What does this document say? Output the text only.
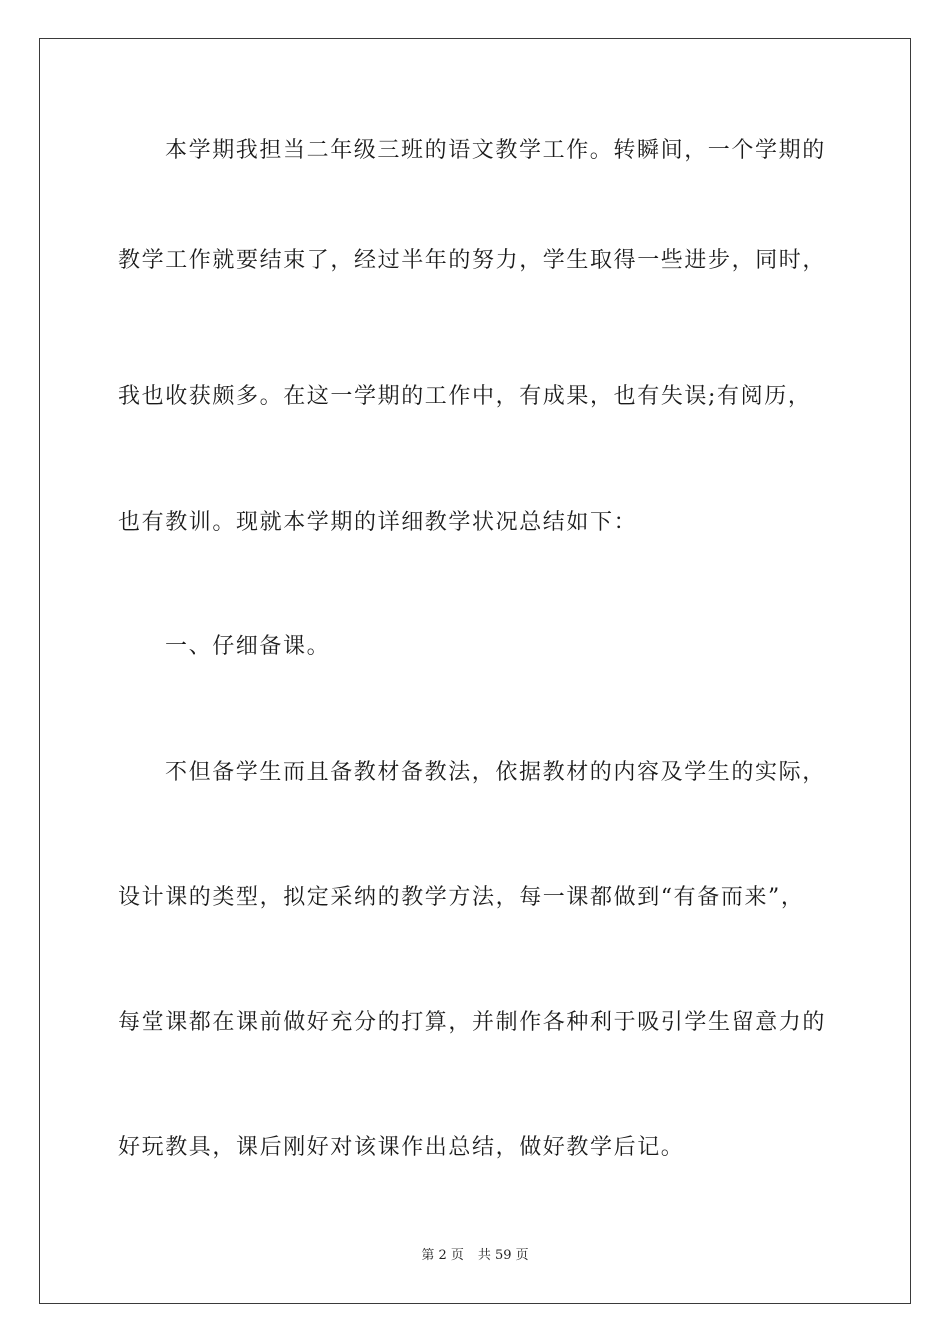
本学期我担当二年级三班的语文教学工作。转瞬间，一个学期的
教学工作就要结束了，经过半年的努力，学生取得一些进步，同时，
我也收获颇多。在这一学期的工作中，有成果，也有失误;有阅历，
也有教训。现就本学期的详细教学状况总结如下：
一、仔细备课。
不但备学生而且备教材备教法，依据教材的内容及学生的实际，
设计课的类型，拟定采纳的教学方法，每一课都做到“有备而来”，
每堂课都在课前做好充分的打算，并制作各种利于吸引学生留意力的
好玩教具，课后刚好对该课作出总结，做好教学后记。
第 2 页 共 59 页
